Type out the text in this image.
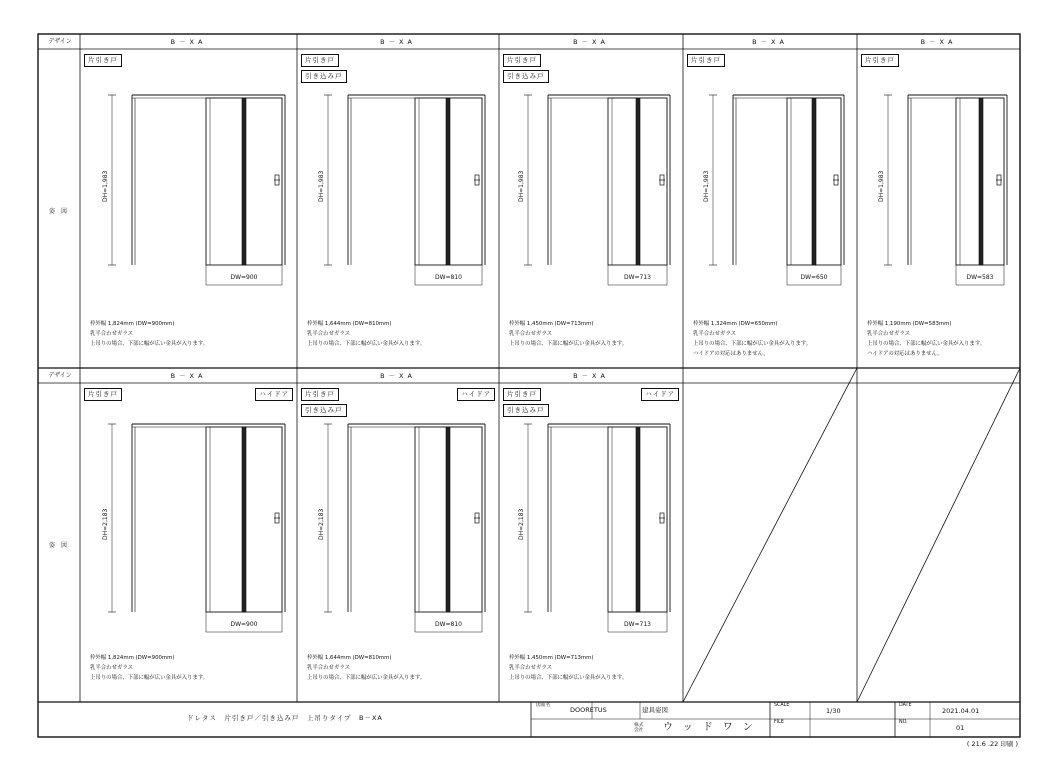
デザイン
姿 図
デザイン
姿 図
B－XA
片引き戸
DH=1,983
DW=900
枠外幅 1,824mm (DW=900mm)
乳半合わせガラス
上吊りの場合、下部に幅が広い金具が入ります。
B－XA
片引き戸
引き込み戸
DH=1,983
DW=810
枠外幅 1,644mm (DW=810mm)
乳半合わせガラス
上吊りの場合、下部に幅が広い金具が入ります。
B－XA
片引き戸
引き込み戸
DH=1,983
DW=713
枠外幅 1,450mm (DW=713mm)
乳半合わせガラス
上吊りの場合、下部に幅が広い金具が入ります。
B－XA
片引き戸
DH=1,983
DW=650
枠外幅 1,324mm (DW=650mm)
乳半合わせガラス
上吊りの場合、下部に幅が広い金具が入ります。
ハイドアの対応はありません。
B－XA
片引き戸
DH=1,983
DW=583
枠外幅 1,190mm (DW=583mm)
乳半合わせガラス
上吊りの場合、下部に幅が広い金具が入ります。
ハイドアの対応はありません。
B－XA
片引き戸	ハイドア
DH=2,183
DW=900
枠外幅 1,824mm (DW=900mm)
乳半合わせガラス
上吊りの場合、下部に幅が広い金具が入ります。
B－XA
片引き戸
引き込み戸
ハイドア
DH=2,183
DW=810
枠外幅 1,644mm (DW=810mm)
乳半合わせガラス
上吊りの場合、下部に幅が広い金具が入ります。
B－XA
片引き戸
引き込み戸
ハイドア
DH=2,183
DW=713
枠外幅 1,450mm (DW=713mm)
乳半合わせガラス
上吊りの場合、下部に幅が広い金具が入ります。
ドレタス　片引き戸／引き込み戸　上吊りタイプ　B－XA
図面名
DOORETUS	建具姿図
株式会社 ウッドワン
SCALE
1/30
FILE
DATE
2021.04.01
NO.
01
( 21.6 .22 印刷 )
